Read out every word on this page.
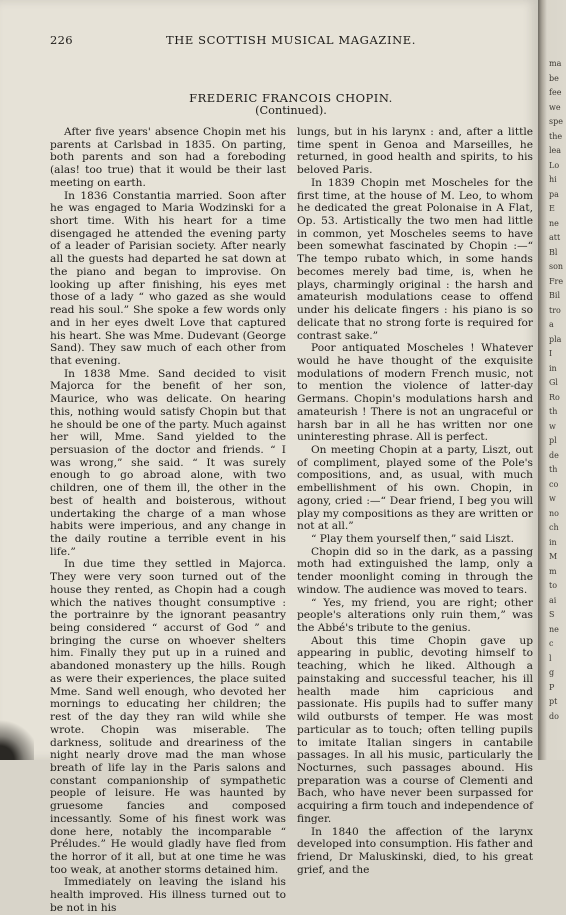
226	THE SCOTTISH MUSICAL MAGAZINE.
FREDERIC FRANCOIS CHOPIN.
(Continued).

After five years' absence Chopin met his parents at Carlsbad in 1835. On parting, both parents and son had a foreboding (alas! too true) that it would be their last meeting on earth.

In 1836 Constantia married. Soon after he was engaged to Maria Wodzinski for a short time. With his heart for a time disengaged he attended the evening party of a leader of Parisian society. After nearly all the guests had departed he sat down at the piano and began to improvise. On looking up after finishing, his eyes met those of a lady “ who gazed as she would read his soul.” She spoke a few words only and in her eyes dwelt Love that captured his heart. She was Mme. Dudevant (George Sand). They saw much of each other from that evening.

In 1838 Mme. Sand decided to visit Majorca for the benefit of her son, Maurice, who was delicate. On hearing this, nothing would satisfy Chopin but that he should be one of the party. Much against her will, Mme. Sand yielded to the persuasion of the doctor and friends. “ I was wrong,” she said. “ It was surely enough to go abroad alone, with two children, one of them ill, the other in the best of health and boisterous, without undertaking the charge of a man whose habits were imperious, and any change in the daily routine a terrible event in his life.”

In due time they settled in Majorca. They were very soon turned out of the house they rented, as Chopin had a cough which the natives thought consumptive : the portrainre by the ignorant peasantry being considered “ accurst of God ” and bringing the curse on whoever shelters him. Finally they put up in a ruined and abandoned monastery up the hills. Rough as were their experiences, the place suited Mme. Sand well enough, who devoted her mornings to educating her children; the rest of the day they ran wild while she wrote. Chopin was miserable. The darkness, solitude and dreariness of the night nearly drove mad the man whose breath of life lay in the Paris salons and constant companionship of sympathetic people of leisure. He was haunted by gruesome fancies and composed incessantly. Some of his finest work was done here, notably the incomparable “ Préludes.” He would gladly have fled from the horror of it all, but at one time he was too weak, at another storms detained him.

Immediately on leaving the island his health improved. His illness turned out to be not in his

lungs, but in his larynx : and, after a little time spent in Genoa and Marseilles, he returned, in good health and spirits, to his beloved Paris.

In 1839 Chopin met Moscheles for the first time, at the house of M. Leo, to whom he dedicated the great Polonaise in A Flat, Op. 53. Artistically the two men had little in common, yet Moscheles seems to have been somewhat fascinated by Chopin :—“ The tempo rubato which, in some hands becomes merely bad time, is, when he plays, charmingly original : the harsh and amateurish modulations cease to offend under his delicate fingers : his piano is so delicate that no strong forte is required for contrast sake.”

Poor antiquated Moscheles ! Whatever would he have thought of the exquisite modulations of modern French music, not to mention the violence of latter-day Germans. Chopin's modulations harsh and amateurish ! There is not an ungraceful or harsh bar in all he has written nor one uninteresting phrase. All is perfect.

On meeting Chopin at a party, Liszt, out of compliment, played some of the Pole's compositions, and, as usual, with much embellishment of his own. Chopin, in agony, cried :—“ Dear friend, I beg you will play my compositions as they are written or not at all.”

“ Play them yourself then,” said Liszt.

Chopin did so in the dark, as a passing moth had extinguished the lamp, only a tender moonlight coming in through the window. The audience was moved to tears.

“ Yes, my friend, you are right; other people's alterations only ruin them,” was the Abbé's tribute to the genius.

About this time Chopin gave up appearing in public, devoting himself to teaching, which he liked. Although a painstaking and successful teacher, his ill health made him capricious and passionate. His pupils had to suffer many wild outbursts of temper. He was most particular as to touch; often telling pupils to imitate Italian singers in cantabile passages. In all his music, particularly the Nocturnes, such passages abound. His preparation was a course of Clementi and Bach, who have never been surpassed for acquiring a firm touch and independence of finger.

In 1840 the affection of the larynx developed into consumption. His father and friend, Dr Maluskinski, died, to his great grief, and the

ma
be
fee
we
spe
the
lea
Lo
hi
pa
E
ne
att
Bl
son
Fre
Bil
tro
a
pla
I
in
Gl
Ro
th
w
pl
de
th
co
w
no
ch
in
M
m
to
ai
S
ne
c
l
g
P
pt
do
